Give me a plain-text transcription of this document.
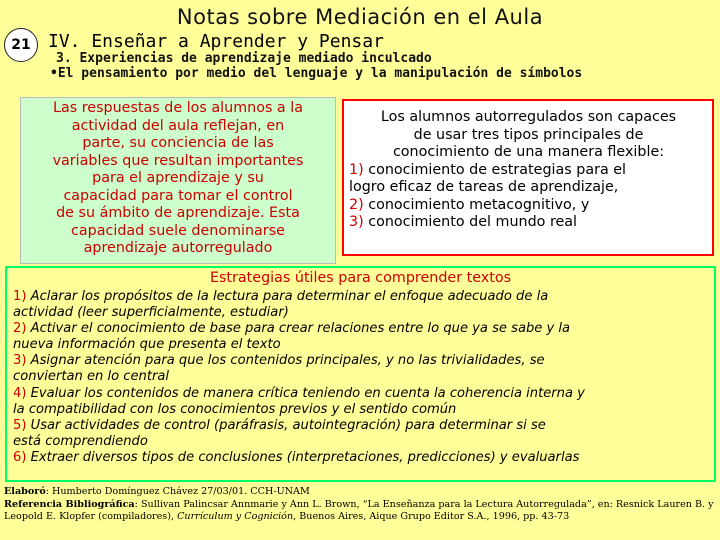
Notas sobre Mediación en el Aula
21 IV. Enseñar a Aprender y Pensar
3. Experiencias de aprendizaje mediado inculcado
•El pensamiento por medio del lenguaje y la manipulación de símbolos
Las respuestas de los alumnos a la
actividad del aula reflejan, en
parte, su conciencia de las
variables que resultan importantes
para el aprendizaje y su
capacidad para tomar el control
de su ámbito de aprendizaje. Esta
capacidad suele denominarse
aprendizaje autorregulado
Los alumnos autorregulados son capaces
de usar tres tipos principales de
conocimiento de una manera flexible:
1) conocimiento de estrategias para el
logro eficaz de tareas de aprendizaje,
2) conocimiento metacognitivo, y
3) conocimiento del mundo real
Estrategias útiles para comprender textos
1) Aclarar los propósitos de la lectura para determinar el enfoque adecuado de la
actividad (leer superficialmente, estudiar)
2) Activar el conocimiento de base para crear relaciones entre lo que ya se sabe y la
nueva información que presenta el texto
3) Asignar atención para que los contenidos principales, y no las trivialidades, se
conviertan en lo central
4) Evaluar los contenidos de manera crítica teniendo en cuenta la coherencia interna y
la compatibilidad con los conocimientos previos y el sentido común
5) Usar actividades de control (paráfrasis, autointegración) para determinar si se
está comprendiendo
6) Extraer diversos tipos de conclusiones (interpretaciones, predicciones) y evaluarlas
Elaboró: Humberto Domínguez Chávez 27/03/01. CCH-UNAM
Referencia Bibliográfica: Sullivan Palincsar Annmarie y Ann L. Brown, “La Enseñanza para la Lectura Autorregulada”, en: Resnick Lauren B. y Leopold E. Klopfer (compiladores), Currículum y Cognición, Buenos Aires, Aique Grupo Editor S.A., 1996, pp. 43-73
